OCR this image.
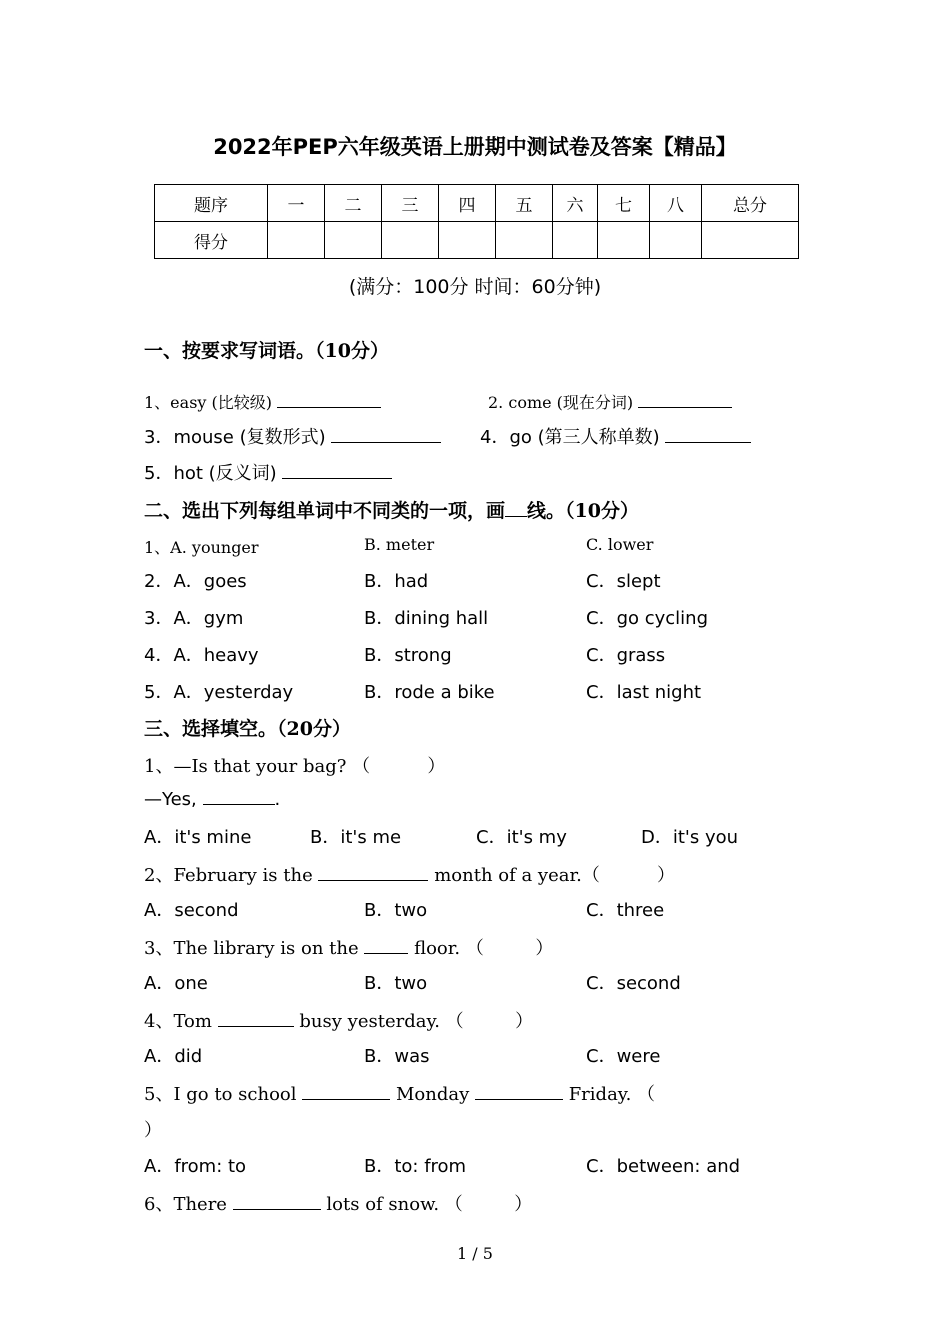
2022年PEP六年级英语上册期中测试卷及答案【精品】
题序	一	二	三	四	五	六	七	八	总分
得分									
(满分：100分 时间：60分钟)
一、按要求写词语。（10分）
1、easy (比较级)	2. come (现在分词)
3．mouse (复数形式)	4．go (第三人称单数)
5．hot (反义词)
二、选出下列每组单词中不同类的一项，画 线。（10分）
1、A. younger	B. meter	C. lower
2．A．goes	B．had	C．slept
3．A．gym	B．dining hall	C．go cycling
4．A．heavy	B．strong	C．grass
5．A．yesterday	B．rode a bike	C．last night
三、选择填空。（20分）
1、—Is that your bag? （          ）
—Yes,	.
A．it's mine	B．it's me	C．it's my	D．it's you
2、February is the	month of a year.（          ）
A．second	B．two	C．three
3、The library is on the  floor. （         ）
A．one	B．two	C．second
4、Tom	busy yesterday. （         ）
A．did	B．was	C．were
5、I go to school	Monday	Friday. （
）
A．from: to	B．to: from	C．between: and
6、There	lots of snow. （         ）
1 / 5
